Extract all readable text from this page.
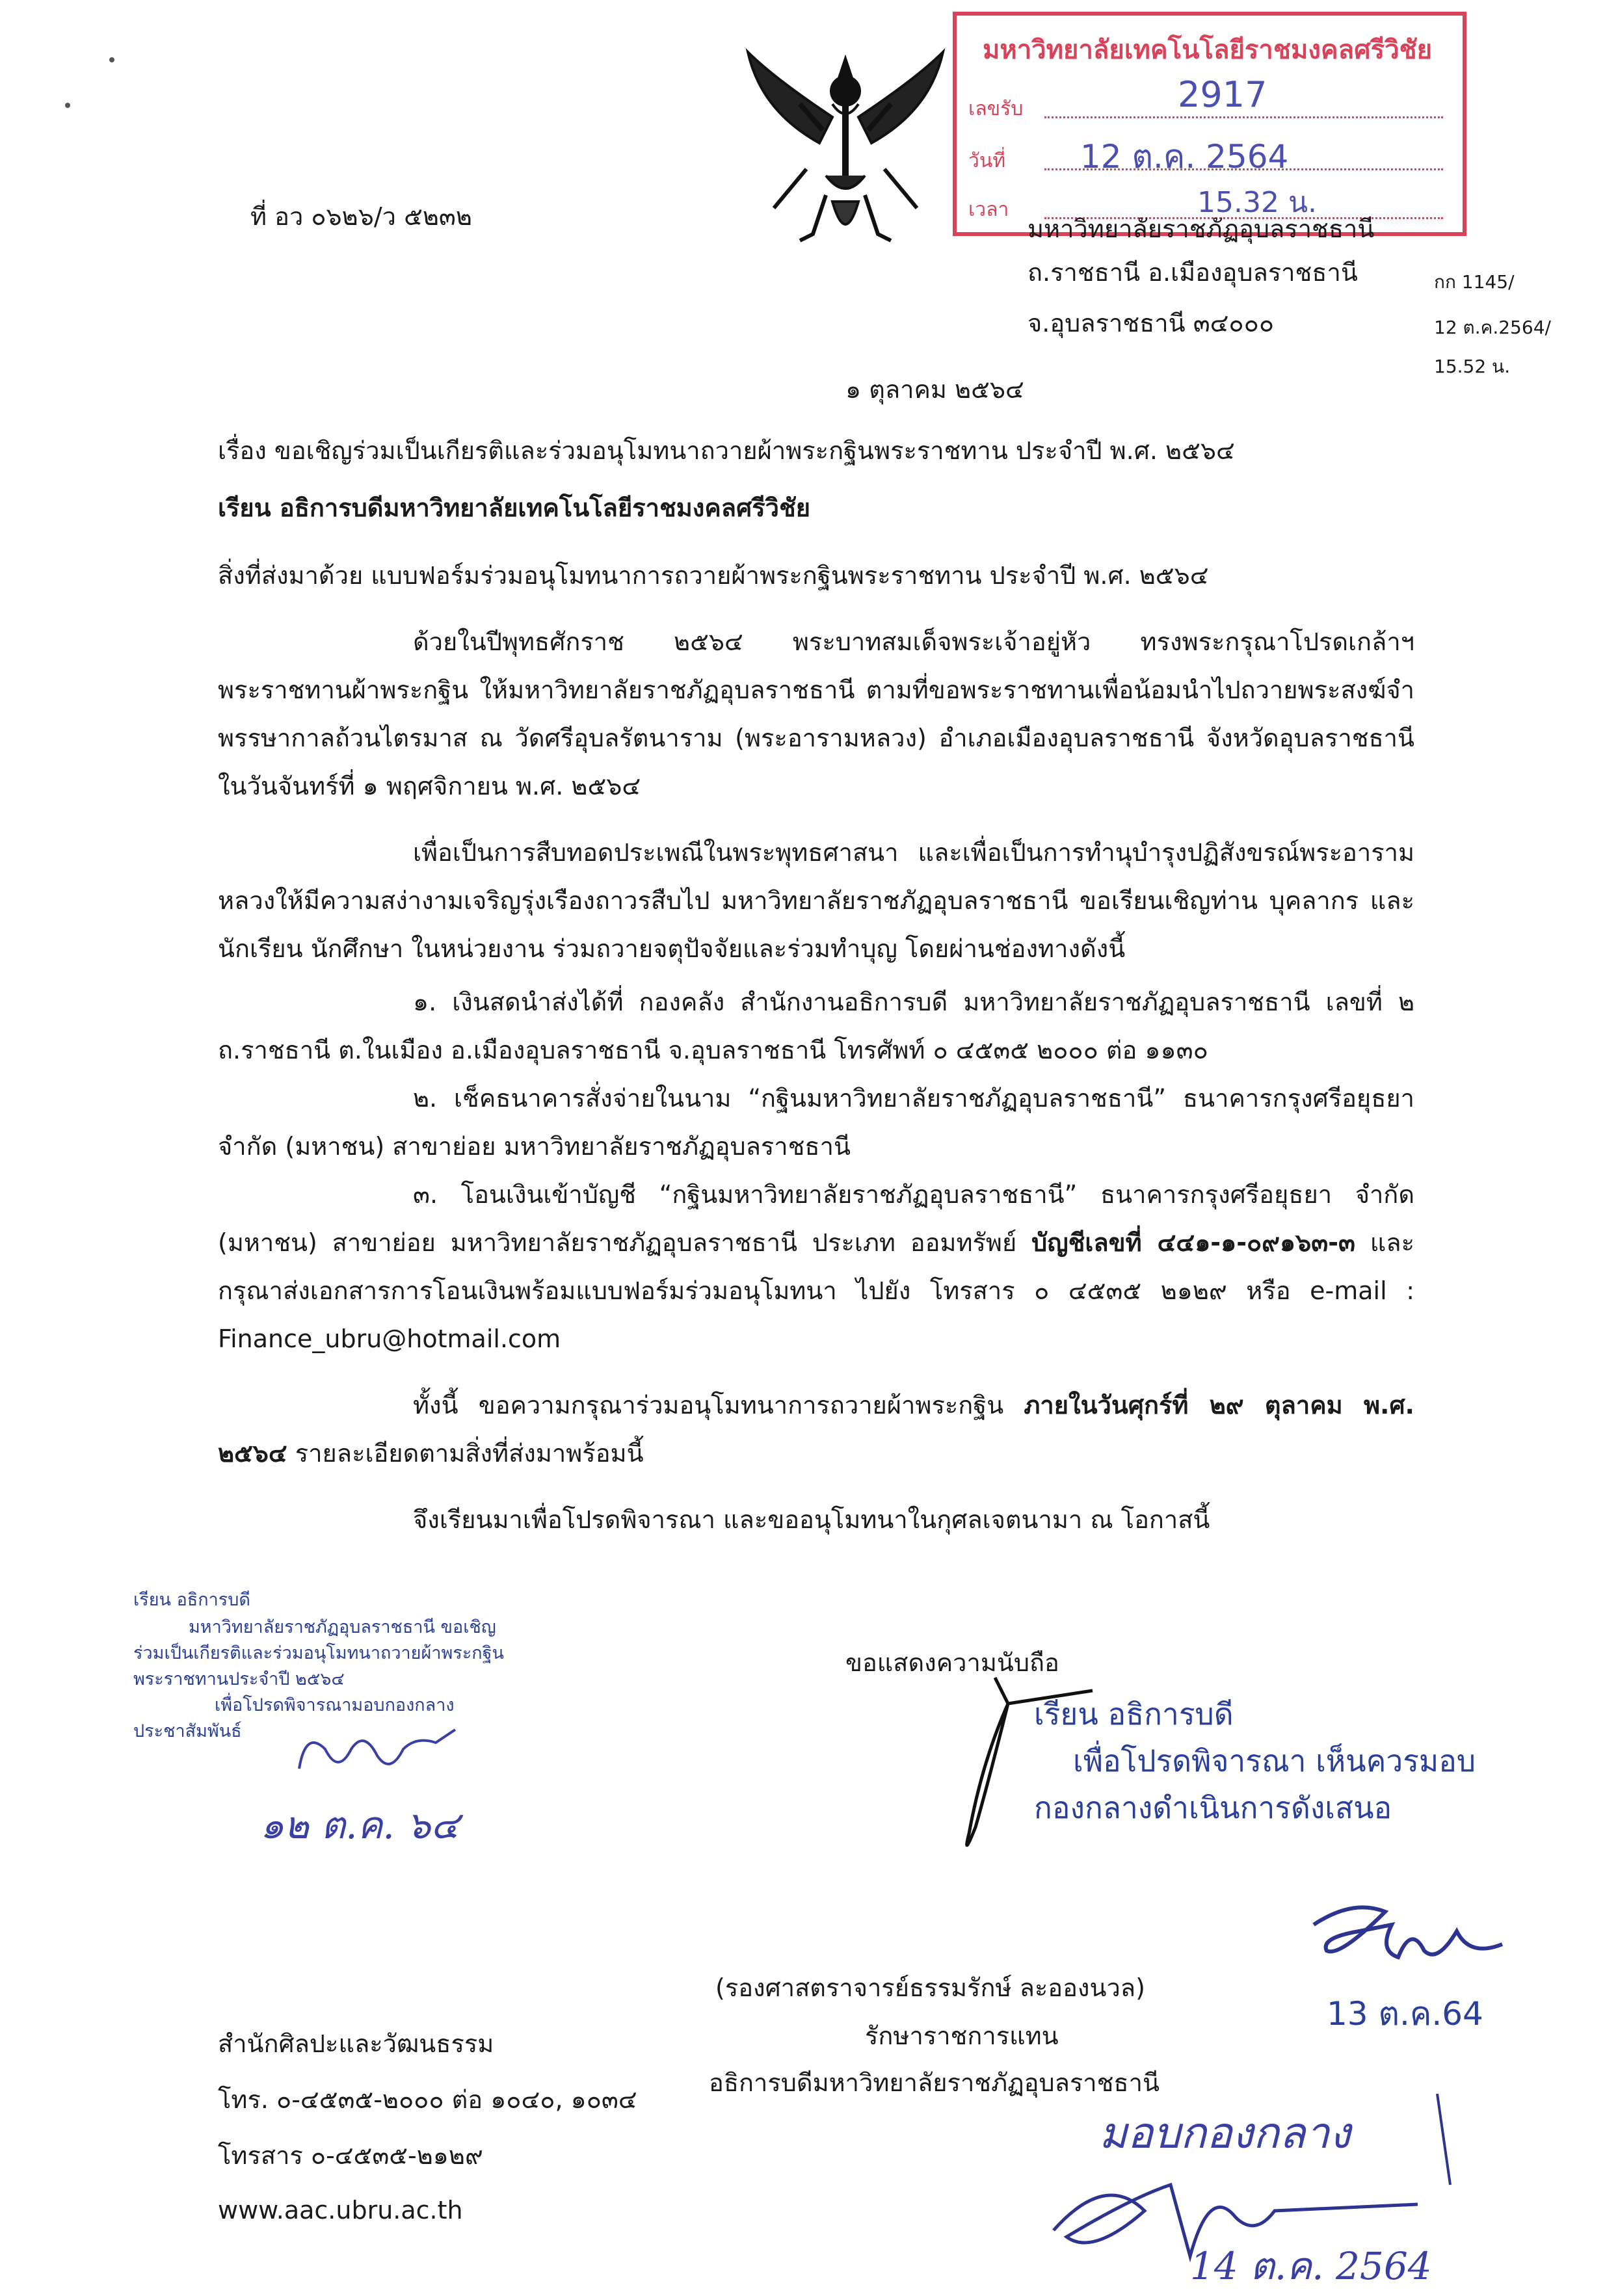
มหาวิทยาลัยเทคโนโลยีราชมงคลศรีวิชัย
เลขรับ	2917
วันที่ 12 ต.ค. 2564
เวลา	15.32 น.
ที่ อว ๐๖๒๖/ว ๕๒๓๒	มหาวิทยาลัยราชภัฏอุบลราชธานี
ถ.ราชธานี อ.เมืองอุบลราชธานี
จ.อุบลราชธานี ๓๔๐๐๐
กก 1145/
12 ต.ค.2564/
15.52 น.
๑ ตุลาคม ๒๕๖๔
เรื่อง ขอเชิญร่วมเป็นเกียรติและร่วมอนุโมทนาถวายผ้าพระกฐินพระราชทาน ประจำปี พ.ศ. ๒๕๖๔
เรียน อธิการบดีมหาวิทยาลัยเทคโนโลยีราชมงคลศรีวิชัย
สิ่งที่ส่งมาด้วย แบบฟอร์มร่วมอนุโมทนาการถวายผ้าพระกฐินพระราชทาน ประจำปี พ.ศ. ๒๕๖๔

ด้วยในปีพุทธศักราช ๒๕๖๔ พระบาทสมเด็จพระเจ้าอยู่หัว ทรงพระกรุณาโปรดเกล้าฯ พระราชทานผ้าพระกฐิน ให้มหาวิทยาลัยราชภัฏอุบลราชธานี ตามที่ขอพระราชทานเพื่อน้อมนำไปถวายพระสงฆ์จำพรรษากาลถ้วนไตรมาส ณ วัดศรีอุบลรัตนาราม (พระอารามหลวง) อำเภอเมืองอุบลราชธานี จังหวัดอุบลราชธานี ในวันจันทร์ที่ ๑ พฤศจิกายน พ.ศ. ๒๕๖๔

เพื่อเป็นการสืบทอดประเพณีในพระพุทธศาสนา และเพื่อเป็นการทำนุบำรุงปฏิสังขรณ์พระอารามหลวงให้มีความสง่างามเจริญรุ่งเรืองถาวรสืบไป มหาวิทยาลัยราชภัฏอุบลราชธานี ขอเรียนเชิญท่าน บุคลากร และนักเรียน นักศึกษา ในหน่วยงาน ร่วมถวายจตุปัจจัยและร่วมทำบุญ โดยผ่านช่องทางดังนี้

๑. เงินสดนำส่งได้ที่ กองคลัง สำนักงานอธิการบดี มหาวิทยาลัยราชภัฏอุบลราชธานี เลขที่ ๒ ถ.ราชธานี ต.ในเมือง อ.เมืองอุบลราชธานี จ.อุบลราชธานี โทรศัพท์ ๐ ๔๕๓๕ ๒๐๐๐ ต่อ ๑๑๓๐

๒. เช็คธนาคารสั่งจ่ายในนาม “กฐินมหาวิทยาลัยราชภัฏอุบลราชธานี” ธนาคารกรุงศรีอยุธยา จำกัด (มหาชน) สาขาย่อย มหาวิทยาลัยราชภัฏอุบลราชธานี

๓. โอนเงินเข้าบัญชี “กฐินมหาวิทยาลัยราชภัฏอุบลราชธานี” ธนาคารกรุงศรีอยุธยา จำกัด (มหาชน) สาขาย่อย มหาวิทยาลัยราชภัฏอุบลราชธานี ประเภท ออมทรัพย์ บัญชีเลขที่ ๔๔๑-๑-๐๙๑๖๓-๓ และกรุณาส่งเอกสารการโอนเงินพร้อมแบบฟอร์มร่วมอนุโมทนา ไปยัง โทรสาร ๐ ๔๕๓๕ ๒๑๒๙ หรือ e-mail : Finance_ubru@hotmail.com

ทั้งนี้ ขอความกรุณาร่วมอนุโมทนาการถวายผ้าพระกฐิน ภายในวันศุกร์ที่ ๒๙ ตุลาคม พ.ศ. ๒๕๖๔ รายละเอียดตามสิ่งที่ส่งมาพร้อมนี้

จึงเรียนมาเพื่อโปรดพิจารณา และขออนุโมทนาในกุศลเจตนามา ณ โอกาสนี้

เรียน อธิการบดี
มหาวิทยาลัยราชภัฏอุบลราชธานี ขอเชิญ
ร่วมเป็นเกียรติและร่วมอนุโมทนาถวายผ้าพระกฐิน
พระราชทานประจำปี ๒๕๖๔
เพื่อโปรดพิจารณามอบกองกลาง
ประชาสัมพันธ์
๑๒ ต.ค. ๖๔
ขอแสดงความนับถือ
(รองศาสตราจารย์ธรรมรักษ์ ละอองนวล)
รักษาราชการแทน
อธิการบดีมหาวิทยาลัยราชภัฏอุบลราชธานี
เรียน อธิการบดี
เพื่อโปรดพิจารณา เห็นควรมอบ
กองกลางดำเนินการดังเสนอ
13 ต.ค.64
สำนักศิลปะและวัฒนธรรม
โทร. ๐-๔๕๓๕-๒๐๐๐ ต่อ ๑๐๔๐, ๑๐๓๔
โทรสาร ๐-๔๕๓๕-๒๑๒๙
www.aac.ubru.ac.th
มอบกองกลาง
14 ต.ค. 2564
